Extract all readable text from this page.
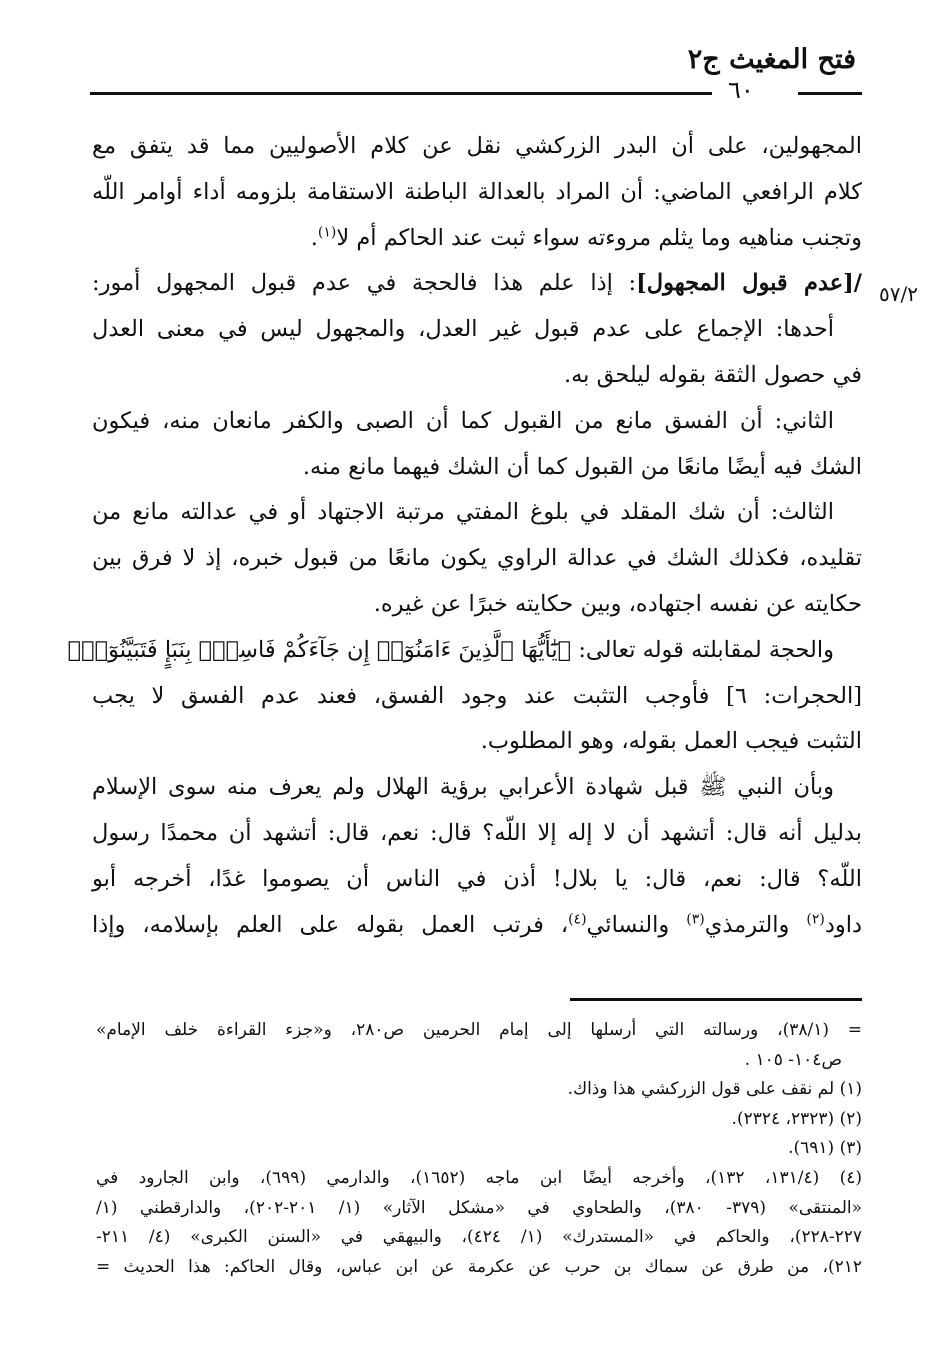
فتح المغيث ج٢
٦٠
٥٧/٢
المجهولين، على أن البدر الزركشي نقل عن كلام الأصوليين مما قد يتفق مع
كلام الرافعي الماضي: أن المراد بالعدالة الباطنة الاستقامة بلزومه أداء أوامر اللّه
وتجنب مناهيه وما يثلم مروءته سواء ثبت عند الحاكم أم لا$^{(١)}$.
/[عدم قبول المجهول]: إذا علم هذا فالحجة في عدم قبول المجهول أمور:
أحدها: الإجماع على عدم قبول غير العدل، والمجهول ليس في معنى العدل
في حصول الثقة بقوله ليلحق به.
الثاني: أن الفسق مانع من القبول كما أن الصبى والكفر مانعان منه، فيكون
الشك فيه أيضًا مانعًا من القبول كما أن الشك فيهما مانع منه.
الثالث: أن شك المقلد في بلوغ المفتي مرتبة الاجتهاد أو في عدالته مانع من
تقليده، فكذلك الشك في عدالة الراوي يكون مانعًا من قبول خبره، إذ لا فرق بين
حكايته عن نفسه اجتهاده، وبين حكايته خبرًا عن غيره.
والحجة لمقابلته قوله تعالى: ﴿يَٰٓأَيُّهَا ٱلَّذِينَ ءَامَنُوٓا۟ إِن جَآءَكُمْ فَاسِقٌۢ بِنَبَإٍ فَتَبَيَّنُوٓا۟﴾
[الحجرات: ٦] فأوجب التثبت عند وجود الفسق، فعند عدم الفسق لا يجب
التثبت فيجب العمل بقوله، وهو المطلوب.
وبأن النبي ﷺ قبل شهادة الأعرابي برؤية الهلال ولم يعرف منه سوى الإسلام
بدليل أنه قال: أتشهد أن لا إله إلا اللّه؟ قال: نعم، قال: أتشهد أن محمدًا رسول
اللّه؟ قال: نعم، قال: يا بلال! أذن في الناس أن يصوموا غدًا، أخرجه أبو
داود$^{(٢)}$ والترمذي$^{(٣)}$ والنسائي$^{(٤)}$، فرتب العمل بقوله على العلم بإسلامه، وإذا
= (٣٨/١)، ورسالته التي أرسلها إلى إمام الحرمين ص٢٨٠، و«جزء القراءة خلف الإمام»
ص١٠٤- ١٠٥ .
(١) لم نقف على قول الزركشي هذا وذاك.
(٢) (٢٣٢٣، ٢٣٢٤).
(٣) (٦٩١).
(٤) (١٣١/٤، ١٣٢)، وأخرجه أيضًا ابن ماجه (١٦٥٢)، والدارمي (٦٩٩)، وابن الجارود في
«المنتقى» (٣٧٩- ٣٨٠)، والطحاوي في «مشكل الآثار» (١/ ٢٠١-٢٠٢)، والدارقطني (١/
٢٢٧-٢٢٨)، والحاكم في «المستدرك» (١/ ٤٢٤)، والبيهقي في «السنن الكبرى» (٤/ ٢١١-
٢١٢)، من طرق عن سماك بن حرب عن عكرمة عن ابن عباس، وقال الحاكم: هذا الحديث =
